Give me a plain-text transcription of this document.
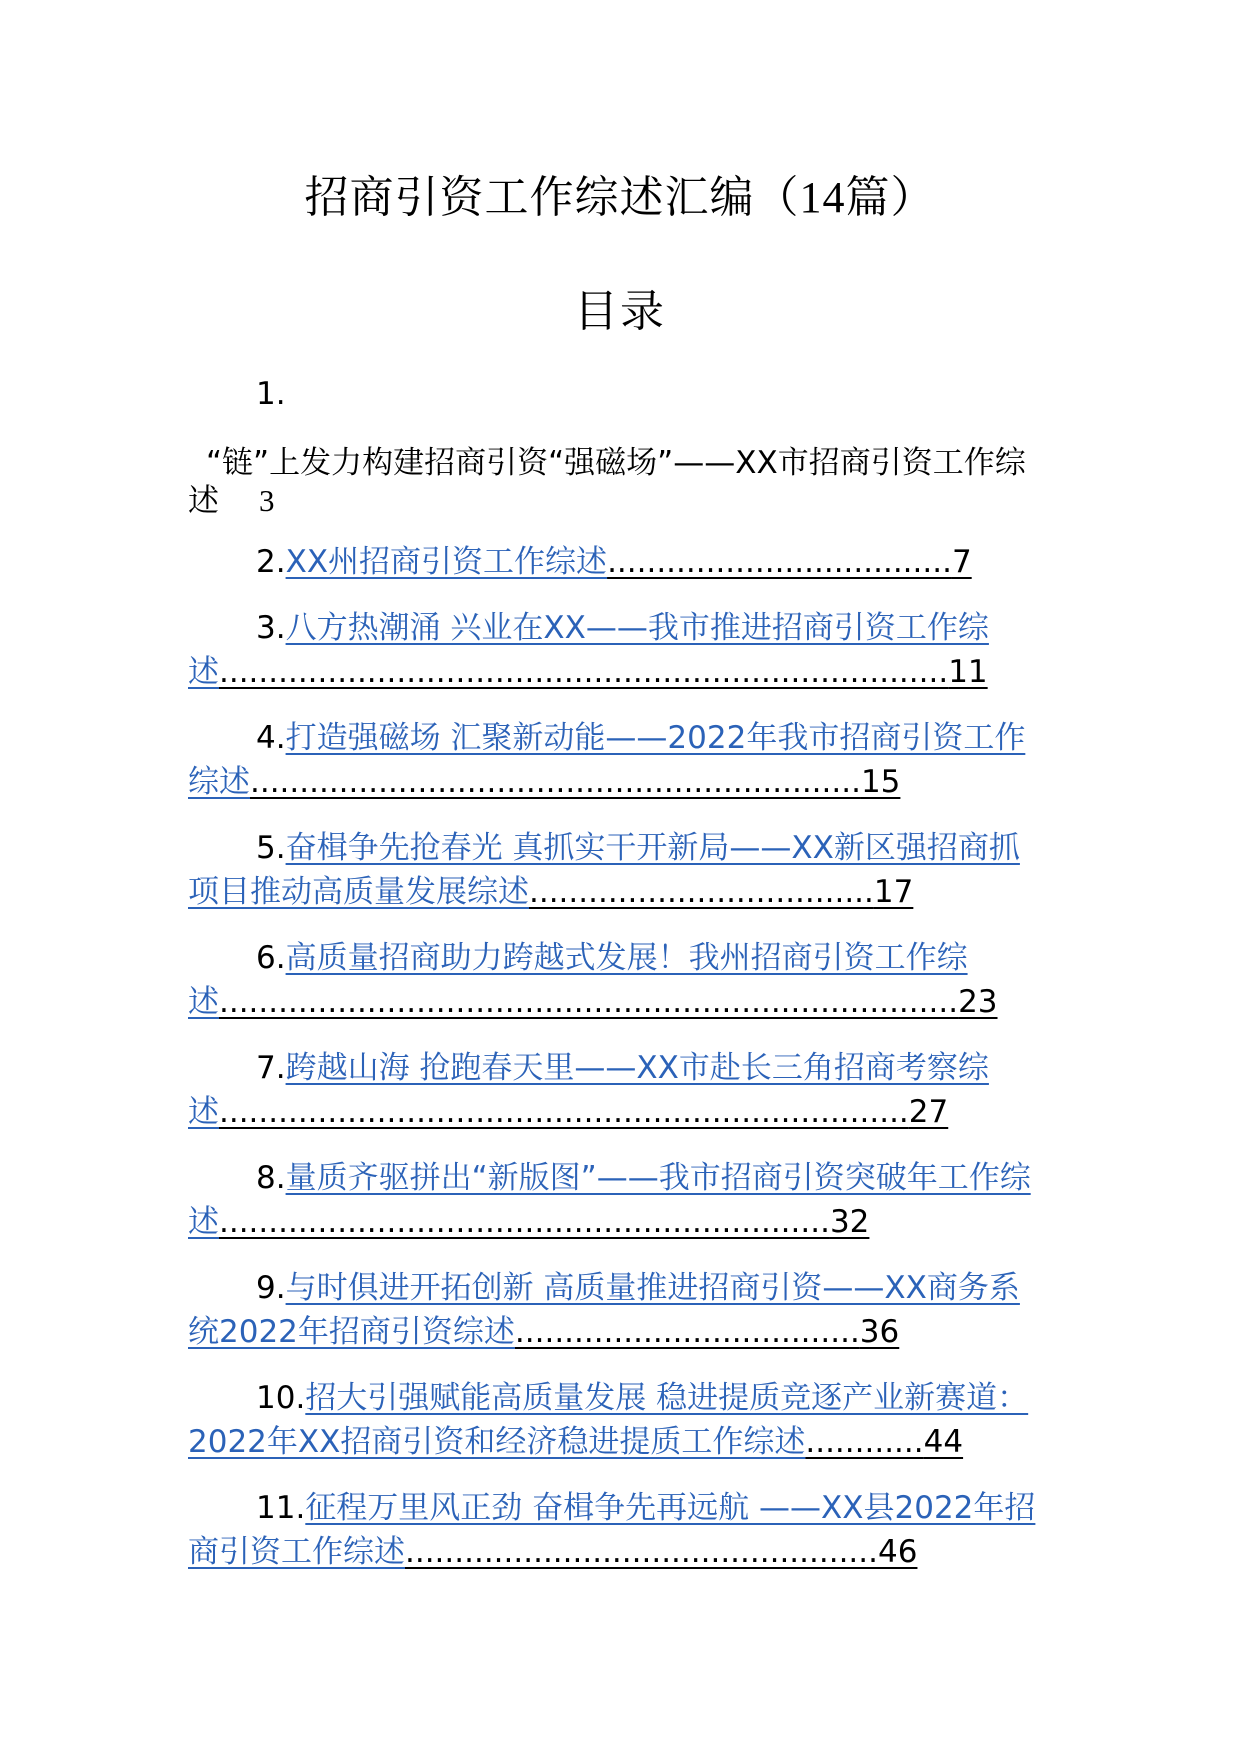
招商引资工作综述汇编（14篇）
目录
1.
“链”上发力构建招商引资“强磁场”——XX市招商引资工作综述 3
2.XX州招商引资工作综述...................................7
3.八方热潮涌 兴业在XX——我市推进招商引资工作综述..........................................................................11
4.打造强磁场 汇聚新动能——2022年我市招商引资工作综述..............................................................15
5.奋楫争先抢春光 真抓实干开新局——XX新区强招商抓项目推动高质量发展综述...................................17
6.高质量招商助力跨越式发展！我州招商引资工作综述...........................................................................23
7.跨越山海 抢跑春天里——XX市赴长三角招商考察综述......................................................................27
8.量质齐驱拼出“新版图”——我市招商引资突破年工作综述..............................................................32
9.与时俱进开拓创新 高质量推进招商引资——XX商务系统2022年招商引资综述...................................36
10.招大引强赋能高质量发展 稳进提质竞逐产业新赛道：2022年XX招商引资和经济稳进提质工作综述............44
11.征程万里风正劲 奋楫争先再远航 ——XX县2022年招商引资工作综述................................................46
